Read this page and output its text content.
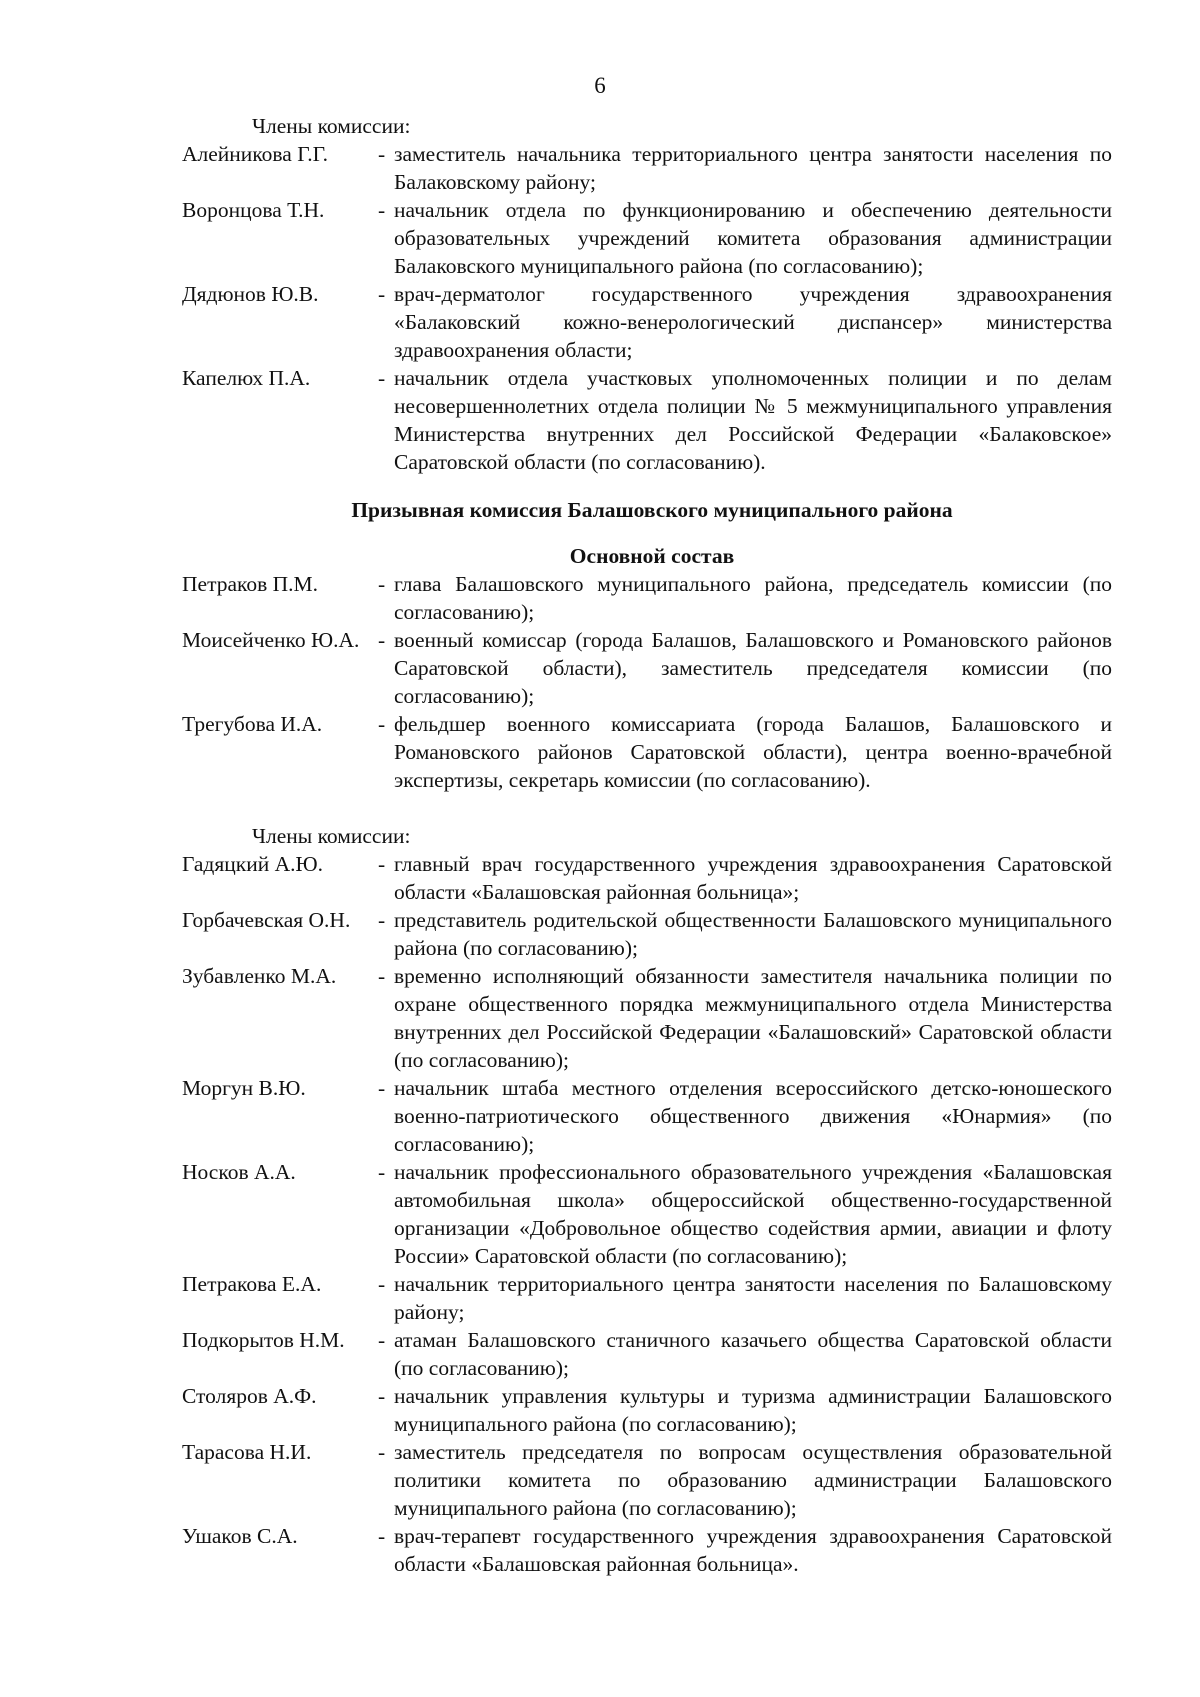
6
Члены комиссии:
Алейникова Г.Г.	- заместитель начальника территориального центра занятости населения по Балаковскому району;
Воронцова Т.Н.	- начальник отдела по функционированию и обеспечению деятельности образовательных учреждений комитета образования администрации Балаковского муниципального района (по согласованию);
Дядюнов Ю.В.	- врач-дерматолог государственного учреждения здравоохранения «Балаковский кожно-венерологический диспансер» министерства здравоохранения области;
Капелюх П.А.	- начальник отдела участковых уполномоченных полиции и по делам несовершеннолетних отдела полиции № 5 межмуниципального управления Министерства внутренних дел Российской Федерации «Балаковское» Саратовской области (по согласованию).
Призывная комиссия Балашовского муниципального района
Основной состав
Петраков П.М.	- глава Балашовского муниципального района, председатель комиссии (по согласованию);
Моисейченко Ю.А. - военный комиссар (города Балашов, Балашовского и Романовского районов Саратовской области), заместитель председателя комиссии (по согласованию);
Трегубова И.А.	- фельдшер военного комиссариата (города Балашов, Балашовского и Романовского районов Саратовской области), центра военно-врачебной экспертизы, секретарь комиссии (по согласованию).
Члены комиссии:
Гадяцкий А.Ю.	- главный врач государственного учреждения здравоохранения Саратовской области «Балашовская районная больница»;
Горбачевская О.Н.	- представитель родительской общественности Балашовского муниципального района (по согласованию);
Зубавленко М.А.	- временно исполняющий обязанности заместителя начальника полиции по охране общественного порядка межмуниципального отдела Министерства внутренних дел Российской Федерации «Балашовский» Саратовской области (по согласованию);
Моргун В.Ю.	- начальник штаба местного отделения всероссийского детско-юношеского военно-патриотического общественного движения «Юнармия» (по согласованию);
Носков А.А.	- начальник профессионального образовательного учреждения «Балашовская автомобильная школа» общероссийской общественно-государственной организации «Добровольное общество содействия армии, авиации и флоту России» Саратовской области (по согласованию);
Петракова Е.А.	- начальник территориального центра занятости населения по Балашовскому району;
Подкорытов Н.М.	- атаман Балашовского станичного казачьего общества Саратовской области (по согласованию);
Столяров А.Ф.	- начальник управления культуры и туризма администрации Балашовского муниципального района (по согласованию);
Тарасова Н.И.	- заместитель председателя по вопросам осуществления образовательной политики комитета по образованию администрации Балашовского муниципального района (по согласованию);
Ушаков С.А.	- врач-терапевт государственного учреждения здравоохранения Саратовской области «Балашовская районная больница».
